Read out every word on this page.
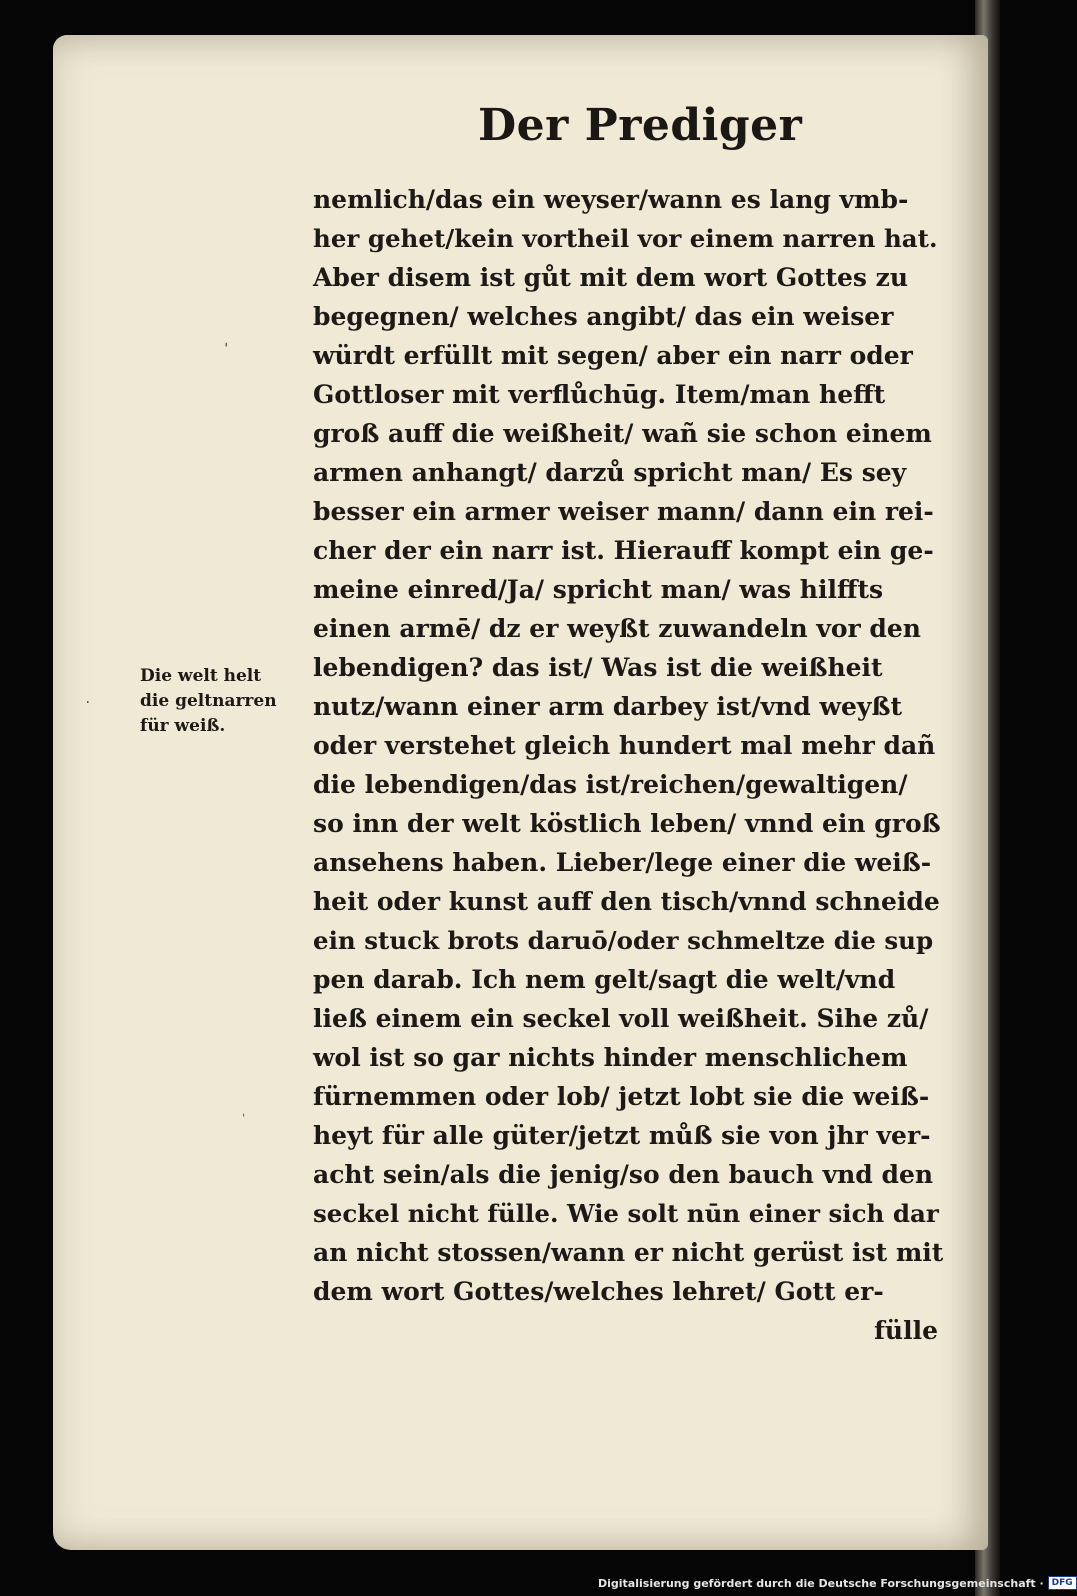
Der Prediger
nemlich/das ein weyser/wann es lang vmb-
her gehet/kein vortheil vor einem narren hat.
Aber disem ist gůt mit dem wort Gottes zu
begegnen/ welches angibt/ das ein weiser
würdt erfüllt mit segen/ aber ein narr oder
Gottloser mit verflůchūg. Item/man hefft
groß auff die weißheit/ wañ sie schon einem
armen anhangt/ darzů spricht man/ Es sey
besser ein armer weiser mann/ dann ein rei-
cher der ein narr ist. Hierauff kompt ein ge-
meine einred/Ja/ spricht man/ was hilffts
einen armē/ dz er weyßt zuwandeln vor den
lebendigen? das ist/ Was ist die weißheit
nutz/wann einer arm darbey ist/vnd weyßt
oder verstehet gleich hundert mal mehr dañ
die lebendigen/das ist/reichen/gewaltigen/
so inn der welt köstlich leben/ vnnd ein groß
ansehens haben. Lieber/lege einer die weiß-
heit oder kunst auff den tisch/vnnd schneide
ein stuck brots daruō/oder schmeltze die sup
pen darab. Ich nem gelt/sagt die welt/vnd
ließ einem ein seckel voll weißheit. Sihe zů/
wol ist so gar nichts hinder menschlichem
fürnemmen oder lob/ jetzt lobt sie die weiß-
heyt für alle güter/jetzt můß sie von jhr ver-
acht sein/als die jenig/so den bauch vnd den
seckel nicht fülle. Wie solt nūn einer sich dar
an nicht stossen/wann er nicht gerüst ist mit
dem wort Gottes/welches lehret/ Gott er-
fülle
Die welt helt
die geltnarren
für weiß.
ˈ
٠
ˈ
Digitalisierung gefördert durch die Deutsche Forschungsgemeinschaft · DFG
